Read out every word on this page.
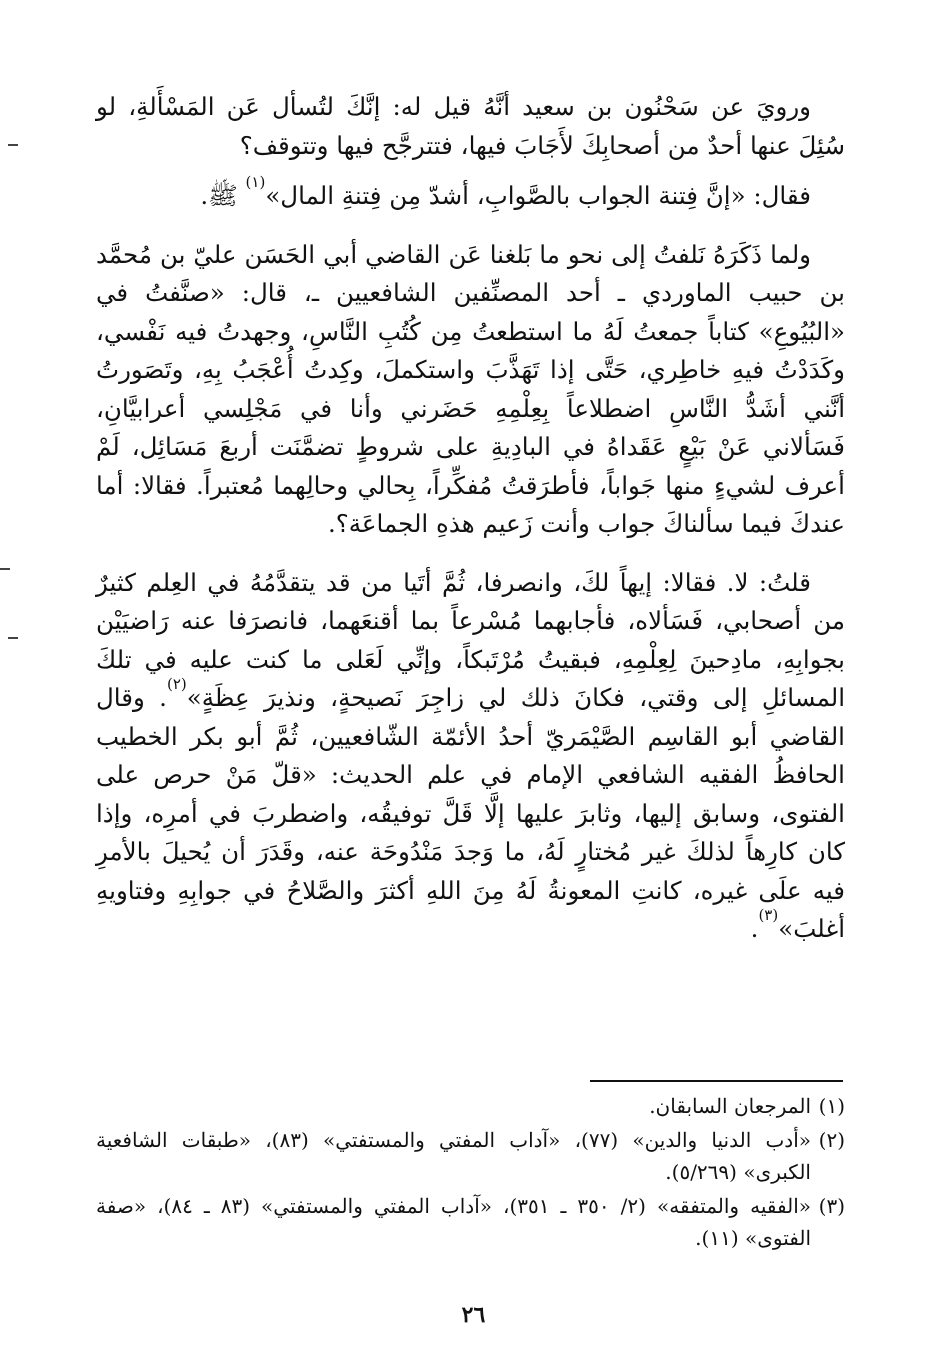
ورويَ عن سَحْنُون بن سعيد أنَّهُ قيل له: إنَّكَ لتُسأل عَن المَسْأَلةِ، لو سُئِلَ عنها أحدٌ من أصحابِكَ لأَجَابَ فيها، فتترجَّح فيها وتتوقف؟

فقال: «إنَّ فِتنة الجواب بالصَّوابِ، أشدّ مِن فِتنةِ المال»$^{(١)}$ ﷺ.

ولما ذَكَرَهُ نَلفتُ إلى نحو ما بَلغنا عَن القاضي أبي الحَسَن عليّ بن مُحمَّد بن حبيب الماوردي ـ أحد المصنِّفين الشافعيين ـ، قال: «صنَّفتُ في «البُيُوعِ» كتاباً جمعتُ لَهُ ما استطعتُ مِن كُتُبِ النَّاسِ، وجهدتُ فيه نَفْسي، وكَدَدْتُ فيهِ خاطِري، حَتَّى إذا تَهَذَّبَ واستكملَ، وكِدتُ أُعْجَبُ بِهِ، وتَصَورتُ أنَّني أشَدُّ النَّاسِ اضطلاعاً بِعِلْمِهِ حَضَرني وأنا في مَجْلِسي أعرابيَّانِ، فَسَألاني عَنْ بَيْعٍ عَقَداهُ في البادِيةِ على شروطٍ تضمَّنَت أربعَ مَسَائِل، لَمْ أعرف لشيءٍ منها جَواباً، فأطرَقتُ مُفكِّراً، بِحالي وحالِهما مُعتبراً. فقالا: أما عندكَ فيما سألناكَ جواب وأنت زَعيم هذهِ الجماعَة؟.

قلتُ: لا. فقالا: إيهاً لكَ، وانصرفا، ثُمَّ أتَيا من قد يتقدَّمُهُ في العِلم كثيرٌ من أصحابي، فَسَألاه، فأجابهما مُسْرعاً بما أقنعَهما، فانصرَفا عنه رَاضيَيْن بجوابِهِ، مادِحينَ لِعِلْمِهِ، فبقيتُ مُرْتَبكاً، وإنِّي لَعَلى ما كنت عليه في تلكَ المسائلِ إلى وقتي، فكانَ ذلك لي زاجِرَ نَصيحةٍ، ونذيرَ عِظَةٍ»$^{(٢)}$. وقال القاضي أبو القاسِم الصَّيْمَريّ أحدُ الأئمّة الشّافعيين، ثُمَّ أبو بكر الخطيب الحافظُ الفقيه الشافعي الإمام في علم الحديث: «قلّ مَنْ حرص على الفتوى، وسابق إليها، وثابرَ عليها إلَّا قَلَّ توفيقُه، واضطربَ في أمرِه، وإذا كان كارِهاً لذلكَ غير مُختارٍ لَهُ، ما وَجدَ مَنْدُوحَة عنه، وقَدَرَ أن يُحيلَ بالأمرِ فيه علَى غيره، كانتِ المعونةُ لَهُ مِنَ اللهِ أكثرَ والصَّلاحُ في جوابِهِ وفتاويهِ أغلبَ»$^{(٣)}$.

(١)
المرجعان السابقان.
(٢)
«أدب الدنيا والدين» (٧٧)، «آداب المفتي والمستفتي» (٨٣)، «طبقات الشافعية الكبرى» (٥/٢٦٩).
(٣)
«الفقيه والمتفقه» (٢/ ٣٥٠ ـ ٣٥١)، «آداب المفتي والمستفتي» (٨٣ ـ ٨٤)، «صفة الفتوى» (١١).
٢٦
